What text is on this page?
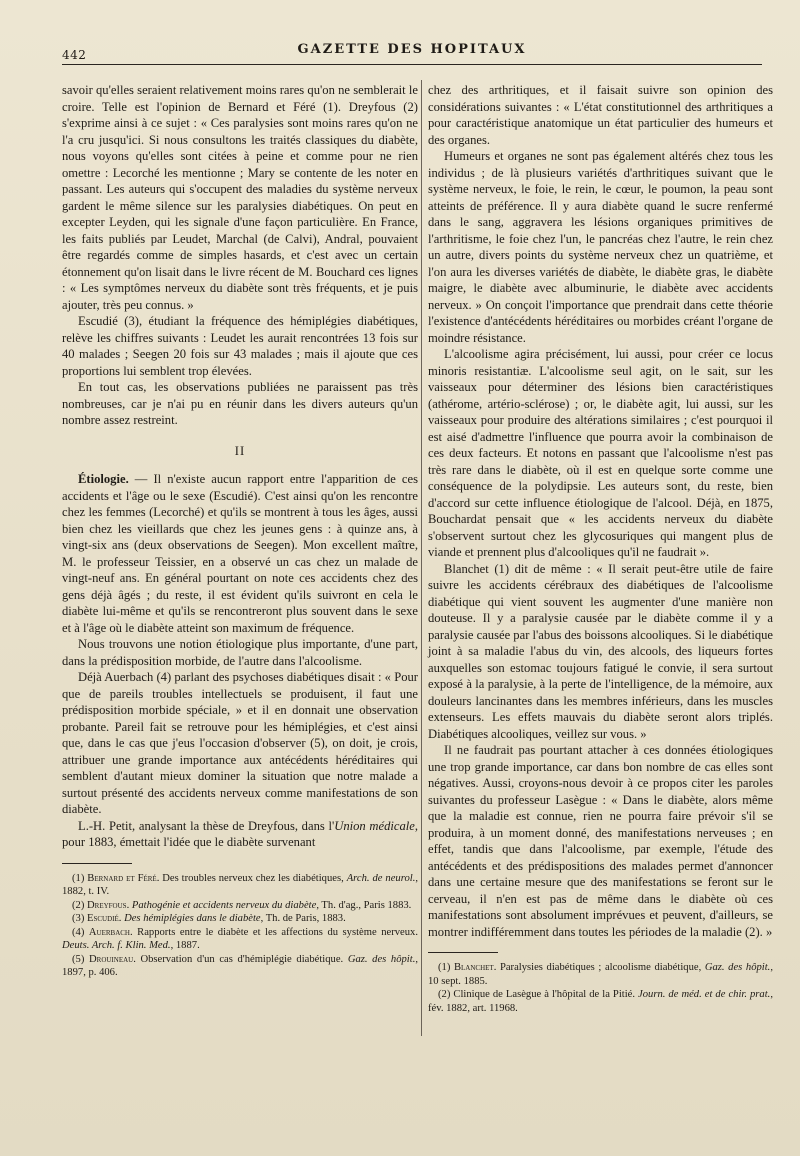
442	GAZETTE DES HOPITAUX

savoir qu'elles seraient relativement moins rares qu'on ne semblerait le croire. Telle est l'opinion de Bernard et Féré (1). Dreyfous (2) s'exprime ainsi à ce sujet : « Ces paralysies sont moins rares qu'on ne l'a cru jusqu'ici. Si nous consultons les traités classiques du diabète, nous voyons qu'elles sont citées à peine et comme pour ne rien omettre : Lecorché les mentionne ; Mary se contente de les noter en passant. Les auteurs qui s'occupent des maladies du système nerveux gardent le même silence sur les paralysies diabétiques. On peut en excepter Leyden, qui les signale d'une façon particulière. En France, les faits publiés par Leudet, Marchal (de Calvi), Andral, pouvaient être regardés comme de simples hasards, et c'est avec un certain étonnement qu'on lisait dans le livre récent de M. Bouchard ces lignes : « Les symptômes nerveux du diabète sont très fréquents, et je puis ajouter, très peu connus. »

Escudié (3), étudiant la fréquence des hémiplégies diabétiques, relève les chiffres suivants : Leudet les aurait rencontrées 13 fois sur 40 malades ; Seegen 20 fois sur 43 malades ; mais il ajoute que ces proportions lui semblent trop élevées.

En tout cas, les observations publiées ne paraissent pas très nombreuses, car je n'ai pu en réunir dans les divers auteurs qu'un nombre assez restreint.

II

Étiologie. — Il n'existe aucun rapport entre l'apparition de ces accidents et l'âge ou le sexe (Escudié). C'est ainsi qu'on les rencontre chez les femmes (Lecorché) et qu'ils se montrent à tous les âges, aussi bien chez les vieillards que chez les jeunes gens : à quinze ans, à vingt-six ans (deux observations de Seegen). Mon excellent maître, M. le professeur Teissier, en a observé un cas chez un malade de vingt-neuf ans. En général pourtant on note ces accidents chez des gens déjà âgés ; du reste, il est évident qu'ils suivront en cela le diabète lui-même et qu'ils se rencontreront plus souvent dans le sexe et à l'âge où le diabète atteint son maximum de fréquence.

Nous trouvons une notion étiologique plus importante, d'une part, dans la prédisposition morbide, de l'autre dans l'alcoolisme.

Déjà Auerbach (4) parlant des psychoses diabétiques disait : « Pour que de pareils troubles intellectuels se produisent, il faut une prédisposition morbide spéciale, » et il en donnait une observation probante. Pareil fait se retrouve pour les hémiplégies, et c'est ainsi que, dans le cas que j'eus l'occasion d'observer (5), on doit, je crois, attribuer une grande importance aux antécédents héréditaires qui semblent d'autant mieux dominer la situation que notre malade a surtout présenté des accidents nerveux comme manifestations de son diabète.

L.-H. Petit, analysant la thèse de Dreyfous, dans l'Union médicale, pour 1883, émettait l'idée que le diabète survenant

(1) Bernard et Féré. Des troubles nerveux chez les diabétiques, Arch. de neurol., 1882, t. IV.

(2) Dreyfous. Pathogénie et accidents nerveux du diabète, Th. d'ag., Paris 1883.

(3) Escudié. Des hémiplégies dans le diabète, Th. de Paris, 1883.

(4) Auerbach. Rapports entre le diabète et les affections du système nerveux. Deuts. Arch. f. Klin. Med., 1887.

(5) Drouineau. Observation d'un cas d'hémiplégie diabétique. Gaz. des hôpit., 1897, p. 406.

chez des arthritiques, et il faisait suivre son opinion des considérations suivantes : « L'état constitutionnel des arthritiques a pour caractéristique anatomique un état particulier des humeurs et des organes.

Humeurs et organes ne sont pas également altérés chez tous les individus ; de là plusieurs variétés d'arthritiques suivant que le système nerveux, le foie, le rein, le cœur, le poumon, la peau sont atteints de préférence. Il y aura diabète quand le sucre renfermé dans le sang, aggravera les lésions organiques primitives de l'arthritisme, le foie chez l'un, le pancréas chez l'autre, le rein chez un autre, divers points du système nerveux chez un quatrième, et l'on aura les diverses variétés de diabète, le diabète gras, le diabète maigre, le diabète avec albuminurie, le diabète avec accidents nerveux. » On conçoit l'importance que prendrait dans cette théorie l'existence d'antécédents héréditaires ou morbides créant l'organe de moindre résistance.

L'alcoolisme agira précisément, lui aussi, pour créer ce locus minoris resistantiæ. L'alcoolisme seul agit, on le sait, sur les vaisseaux pour déterminer des lésions bien caractéristiques (athérome, artério-sclérose) ; or, le diabète agit, lui aussi, sur les vaisseaux pour produire des altérations similaires ; c'est pourquoi il est aisé d'admettre l'influence que pourra avoir la combinaison de ces deux facteurs. Et notons en passant que l'alcoolisme n'est pas très rare dans le diabète, où il est en quelque sorte comme une conséquence de la polydipsie. Les auteurs sont, du reste, bien d'accord sur cette influence étiologique de l'alcool. Déjà, en 1875, Bouchardat pensait que « les accidents nerveux du diabète s'observent surtout chez les glycosuriques qui mangent plus de viande et prennent plus d'alcooliques qu'il ne faudrait ».

Blanchet (1) dit de même : « Il serait peut-être utile de faire suivre les accidents cérébraux des diabétiques de l'alcoolisme diabétique qui vient souvent les augmenter d'une manière non douteuse. Il y a paralysie causée par le diabète comme il y a paralysie causée par l'abus des boissons alcooliques. Si le diabétique joint à sa maladie l'abus du vin, des alcools, des liqueurs fortes auxquelles son estomac toujours fatigué le convie, il sera surtout exposé à la paralysie, à la perte de l'intelligence, de la mémoire, aux douleurs lancinantes dans les membres inférieurs, dans les muscles extenseurs. Les effets mauvais du diabète seront alors triplés. Diabétiques alcooliques, veillez sur vous. »

Il ne faudrait pas pourtant attacher à ces données étiologiques une trop grande importance, car dans bon nombre de cas elles sont négatives. Aussi, croyons-nous devoir à ce propos citer les paroles suivantes du professeur Lasègue : « Dans le diabète, alors même que la maladie est connue, rien ne pourra faire prévoir s'il se produira, à un moment donné, des manifestations nerveuses ; en effet, tandis que dans l'alcoolisme, par exemple, l'étude des antécédents et des prédispositions des malades permet d'annoncer dans une certaine mesure que des manifestations se feront sur le cerveau, il n'en est pas de même dans le diabète où ces manifestations sont absolument imprévues et peuvent, d'ailleurs, se montrer indifféremment dans toutes les périodes de la maladie (2). »

(1) Blanchet. Paralysies diabétiques ; alcoolisme diabétique, Gaz. des hôpit., 10 sept. 1885.

(2) Clinique de Lasègue à l'hôpital de la Pitié. Journ. de méd. et de chir. prat., fév. 1882, art. 11968.
